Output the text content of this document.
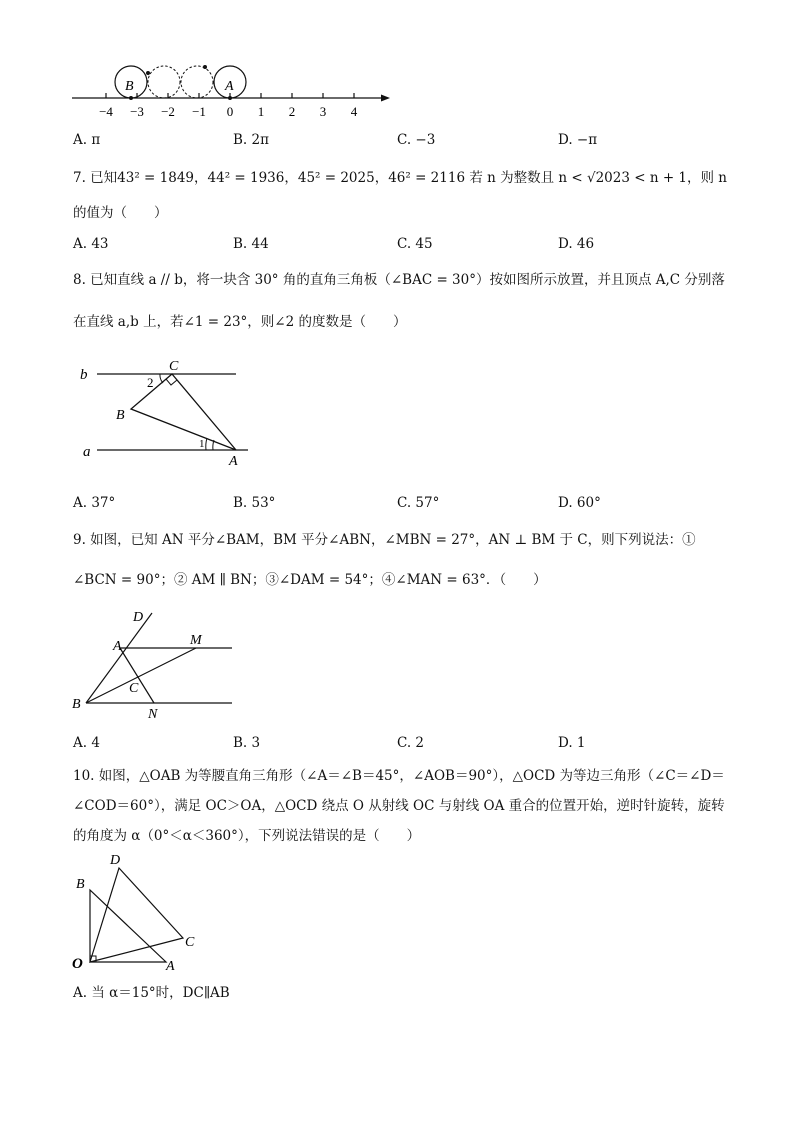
−4 −3 −2 −1 0 1 2 3 4
B	A
A. π	B. 2π	C. −3	D. −π
7. 已知43² = 1849，44² = 1936，45² = 2025，46² = 2116 若 n 为整数且 n < √2023 < n + 1，则 n
的值为（　　）
A. 43	B. 44	C. 45	D. 46
8. 已知直线 a // b，将一块含 30° 角的直角三角板（∠BAC = 30°）按如图所示放置，并且顶点 A,C 分别落
在直线 a,b 上，若∠1 = 23°，则∠2 的度数是（　　）
b
a
C
B
A
2
1
A. 37°	B. 53°	C. 57°	D. 60°
9. 如图，已知 AN 平分∠BAM，BM 平分∠ABN，∠MBN = 27°，AN ⊥ BM 于 C，则下列说法：①
∠BCN = 90°；② AM ∥ BN；③∠DAM = 54°；④∠MAN = 63°．（　　）
D
A	M
C
B
N
A. 4	B. 3	C. 2	D. 1
10. 如图，△OAB 为等腰直角三角形（∠A＝∠B＝45°，∠AOB＝90°），△OCD 为等边三角形（∠C＝∠D＝
∠COD＝60°），满足 OC＞OA，△OCD 绕点 O 从射线 OC 与射线 OA 重合的位置开始，逆时针旋转，旋转
的角度为 α（0°＜α＜360°），下列说法错误的是（　　）
D
B
C
O	A
A. 当 α＝15°时，DC∥AB
